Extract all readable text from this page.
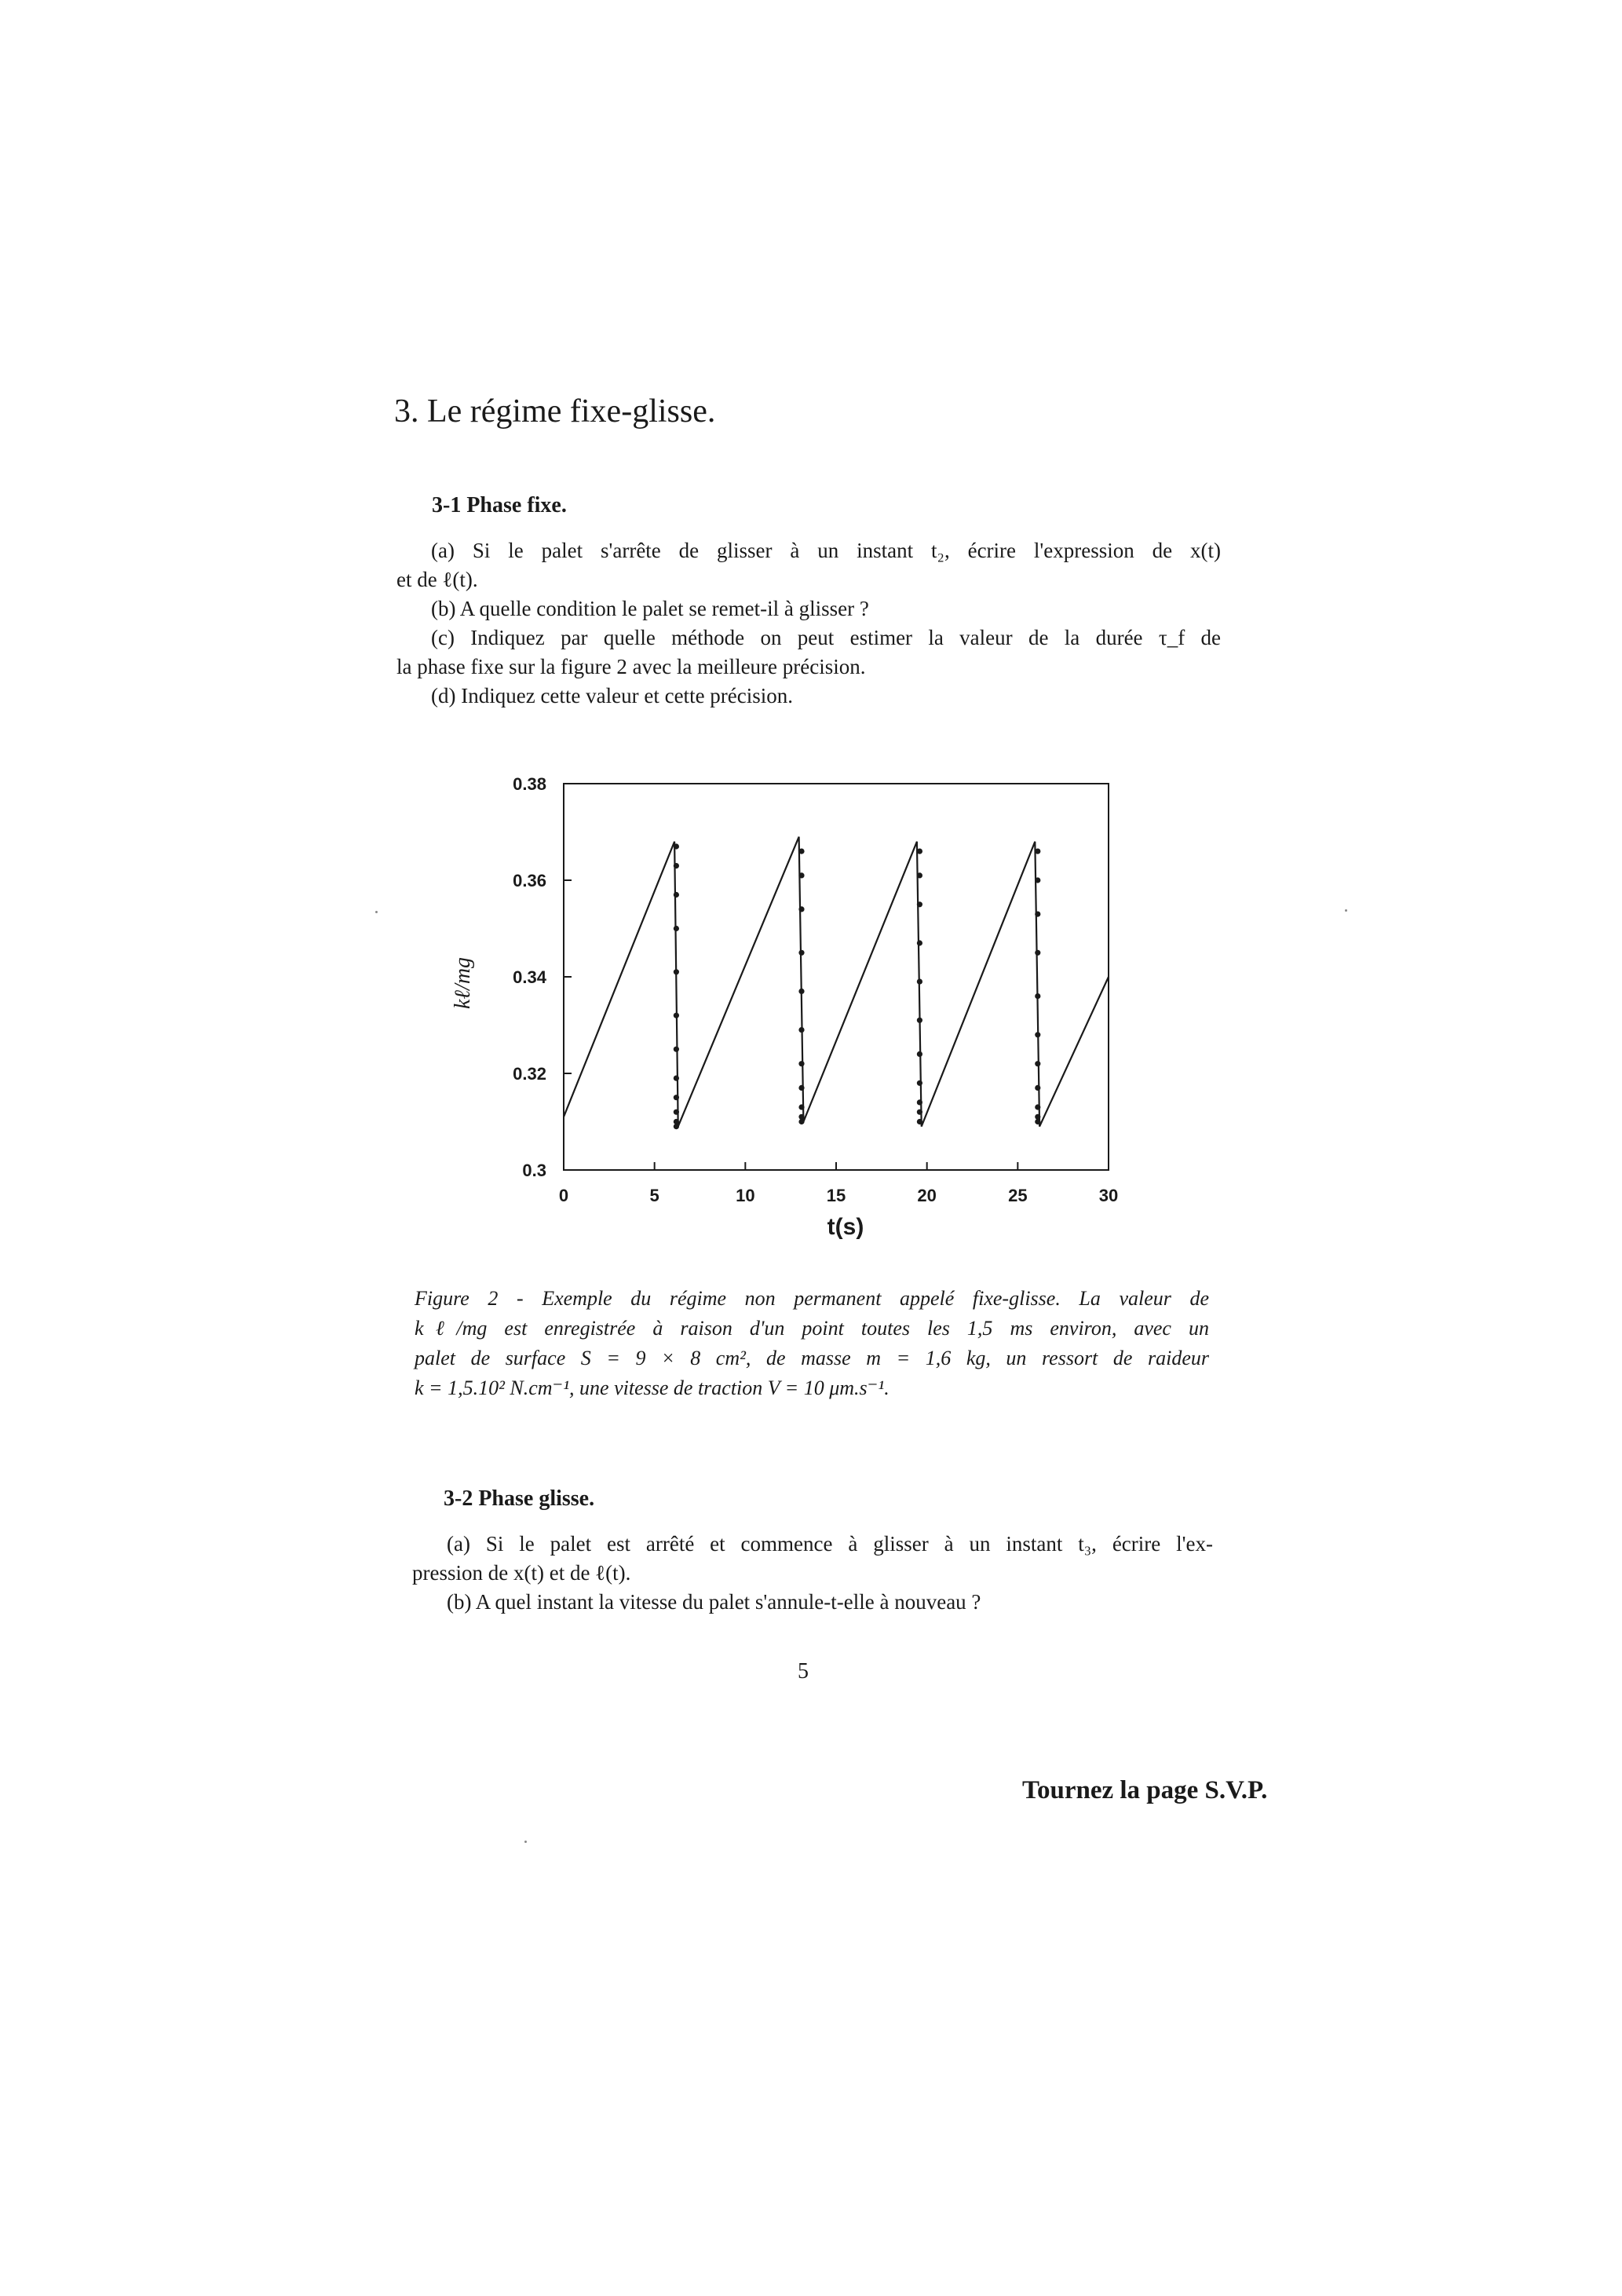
3. Le régime fixe-glisse.
3-1 Phase fixe.
(a) Si le palet s'arrête de glisser à un instant t₂, écrire l'expression de x(t)
et de ℓ(t).
(b) A quelle condition le palet se remet-il à glisser ?
(c) Indiquez par quelle méthode on peut estimer la valeur de la durée τ_f de
la phase fixe sur la figure 2 avec la meilleure précision.
(d) Indiquez cette valeur et cette précision.
0	5	10	15	20	25	30
0.3
0.32
0.34
0.36
0.38
kℓ/mg
t(s)
Figure 2 - Exemple du régime non permanent appelé fixe-glisse. La valeur de
kℓ/mg est enregistrée à raison d'un point toutes les 1,5 ms environ, avec un
palet de surface S = 9 × 8 cm², de masse m = 1,6 kg, un ressort de raideur
k = 1,5.10² N.cm⁻¹, une vitesse de traction V = 10 μm.s⁻¹.
3-2 Phase glisse.
(a) Si le palet est arrêté et commence à glisser à un instant t₃, écrire l'ex-
pression de x(t) et de ℓ(t).
(b) A quel instant la vitesse du palet s'annule-t-elle à nouveau ?
5
Tournez la page S.V.P.
